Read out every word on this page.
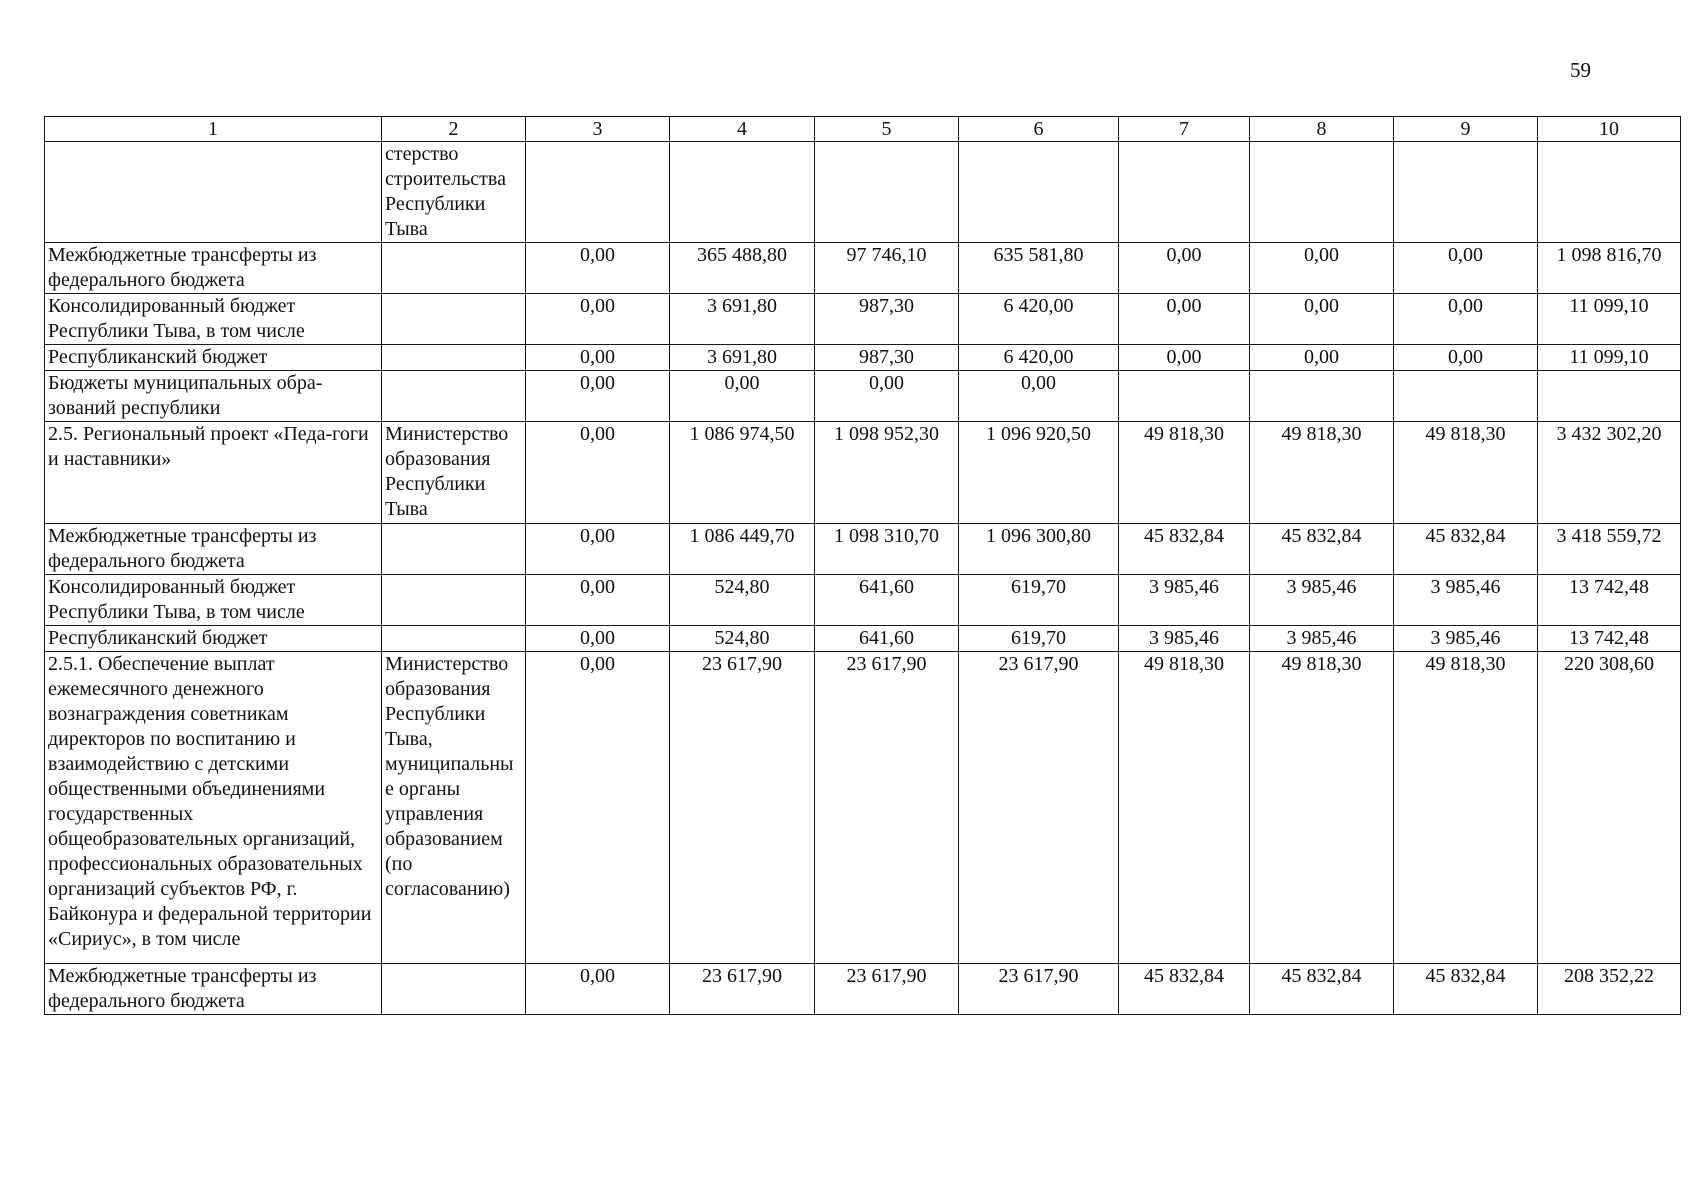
59
1	2	3	4	5	6	7	8	9	10
	стерство строительства Республики Тыва								
Межбюджетные трансферты из федерального бюджета		0,00	365 488,80	97 746,10	635 581,80	0,00	0,00	0,00	1 098 816,70
Консолидированный бюджет Республики Тыва, в том числе		0,00	3 691,80	987,30	6 420,00	0,00	0,00	0,00	11 099,10
Республиканский бюджет		0,00	3 691,80	987,30	6 420,00	0,00	0,00	0,00	11 099,10
Бюджеты муниципальных обра-зований республики		0,00	0,00	0,00	0,00				
2.5. Региональный проект «Педа-гоги и наставники»	Министерство образования Республики Тыва	0,00	1 086 974,50	1 098 952,30	1 096 920,50	49 818,30	49 818,30	49 818,30	3 432 302,20
Межбюджетные трансферты из федерального бюджета		0,00	1 086 449,70	1 098 310,70	1 096 300,80	45 832,84	45 832,84	45 832,84	3 418 559,72
Консолидированный бюджет Республики Тыва, в том числе		0,00	524,80	641,60	619,70	3 985,46	3 985,46	3 985,46	13 742,48
Республиканский бюджет		0,00	524,80	641,60	619,70	3 985,46	3 985,46	3 985,46	13 742,48
2.5.1. Обеспечение выплат ежемесячного денежного вознаграждения советникам директоров по воспитанию и взаимодействию с детскими общественными объединениями государственных общеобразовательных организаций, профессиональных образовательных организаций субъектов РФ, г. Байконура и федеральной территории «Сириус», в том числе	Министерство образования Республики Тыва, муниципальные органы управления образованием (по согласованию)	0,00	23 617,90	23 617,90	23 617,90	49 818,30	49 818,30	49 818,30	220 308,60
Межбюджетные трансферты из федерального бюджета		0,00	23 617,90	23 617,90	23 617,90	45 832,84	45 832,84	45 832,84	208 352,22
